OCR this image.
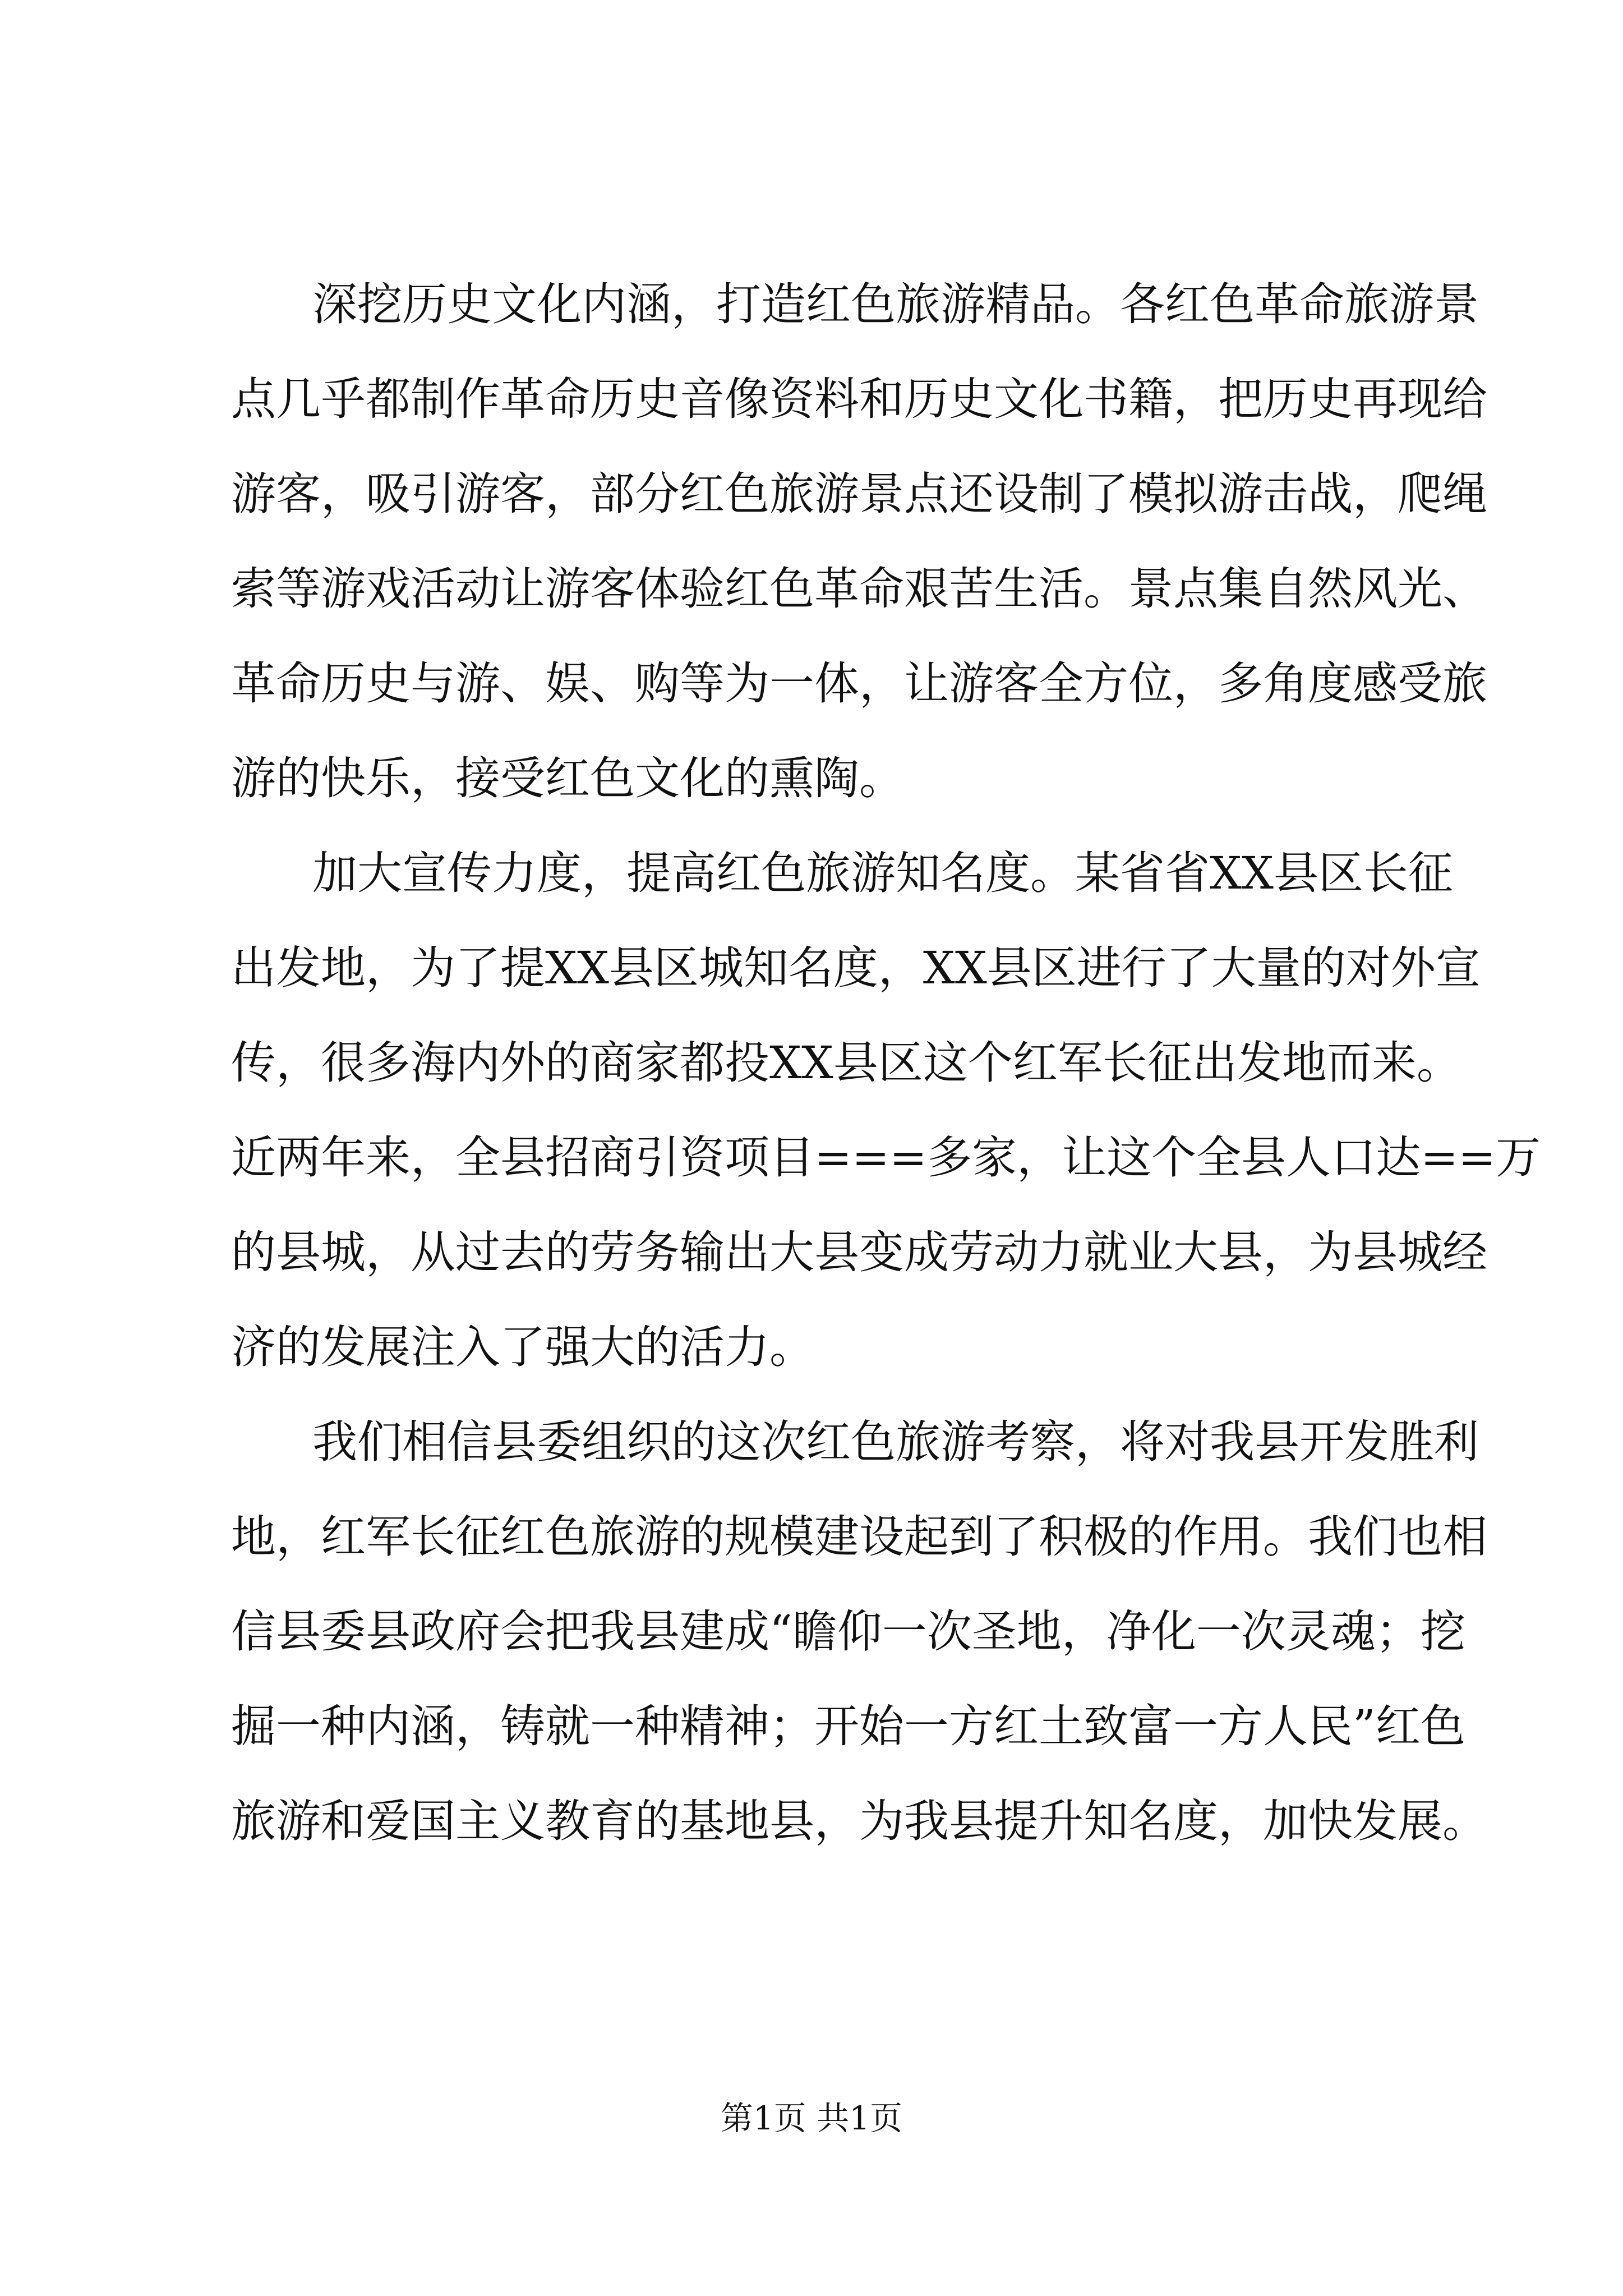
深挖历史文化内涵，打造红色旅游精品。各红色革命旅游景
点几乎都制作革命历史音像资料和历史文化书籍，把历史再现给
游客，吸引游客，部分红色旅游景点还设制了模拟游击战，爬绳
索等游戏活动让游客体验红色革命艰苦生活。景点集自然风光、
革命历史与游、娱、购等为一体，让游客全方位，多角度感受旅
游的快乐，接受红色文化的熏陶。
加大宣传力度，提高红色旅游知名度。某省省XX县区长征
出发地，为了提XX县区城知名度，XX县区进行了大量的对外宣
传，很多海内外的商家都投XX县区这个红军长征出发地而来。
近两年来，全县招商引资项目===多家，让这个全县人口达==万
的县城，从过去的劳务输出大县变成劳动力就业大县，为县城经
济的发展注入了强大的活力。
我们相信县委组织的这次红色旅游考察，将对我县开发胜利
地，红军长征红色旅游的规模建设起到了积极的作用。我们也相
信县委县政府会把我县建成“瞻仰一次圣地，净化一次灵魂；挖
掘一种内涵，铸就一种精神；开始一方红土致富一方人民”红色
旅游和爱国主义教育的基地县，为我县提升知名度，加快发展。
第1页 共1页
